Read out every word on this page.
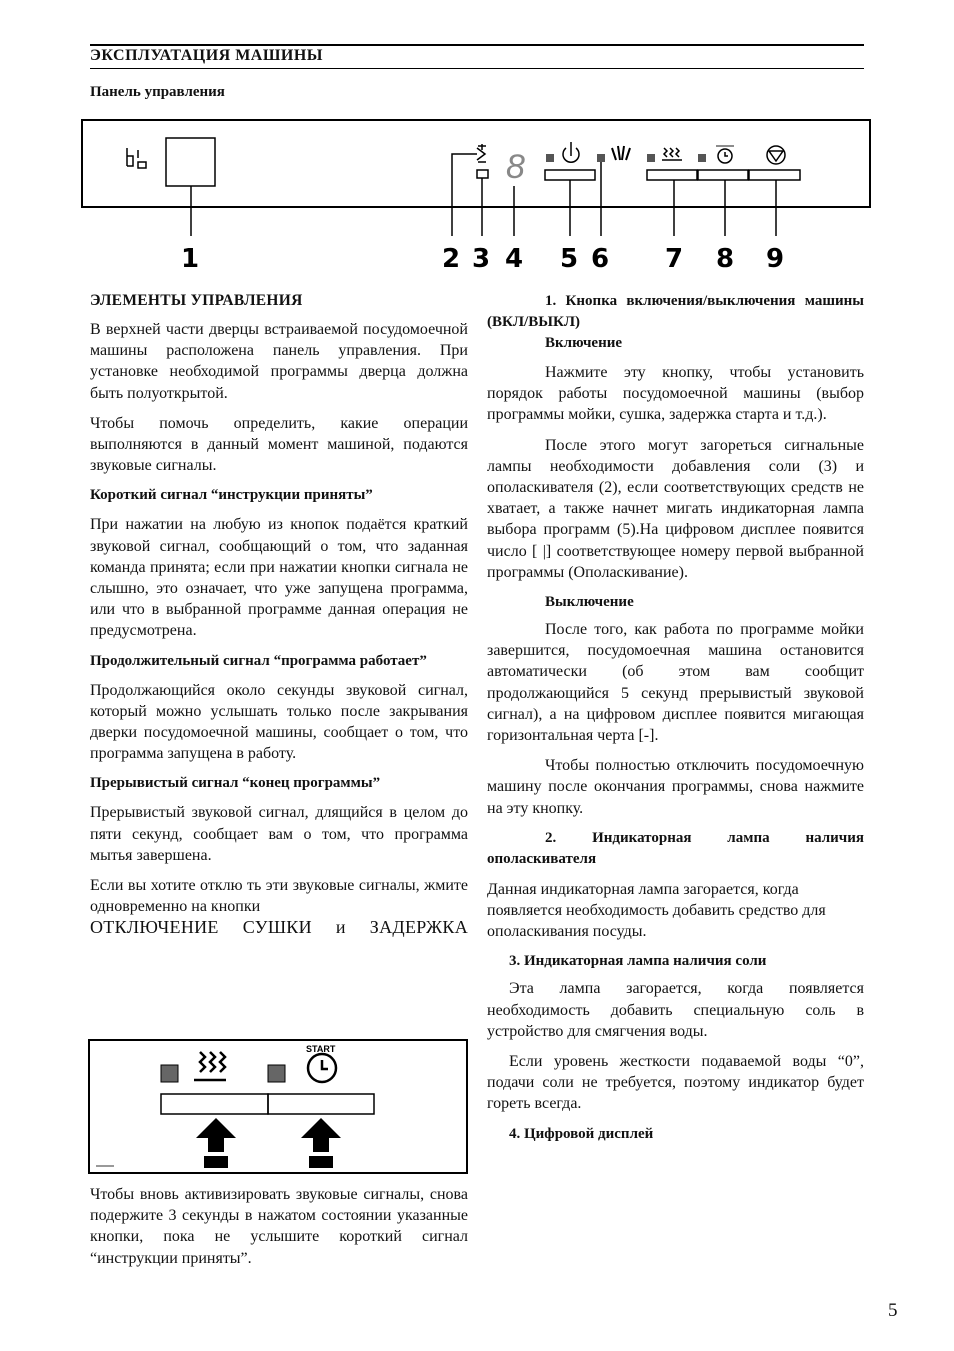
ЭКСПЛУАТАЦИЯ МАШИНЫ
Панель управления
8
1	2 3 4 5 6 7 8 9
ЭЛЕМЕНТЫ УПРАВЛЕНИЯ

В верхней части дверцы встраиваемой посудомоечной машины расположена панель управления. При установке необходимой программы дверца должна быть полуоткрытой.

Чтобы помочь определить, какие операции выполняются в данный момент машиной, подаются звуковые сигналы.

Короткий сигнал “инструкции приняты”

При нажатии на любую из кнопок подаётся краткий звуковой сигнал, сообщающий о том, что заданная команда принята; если при нажатии кнопки сигнала не слышно, это означает, что уже запущена программа, или что в выбранной программе данная операция не предусмотрена.

Продолжительный сигнал “программа работает”

Продолжающийся около секунды звуковой сигнал, который можно услышать только после закрывания дверки посудомоечной машины, сообщает о том, что программа запущена в работу.

Прерывистый сигнал “конец программы”

Прерывистый звуковой сигнал, длящийся в целом до пяти секунд, сообщает вам о том, что программа мытья завершена.

Если вы хотите отклю ть эти звуковые сигналы, жмите одновременно на кнопки

ОТКЛЮЧЕНИЕ СУШКИ и ЗАДЕРЖКА
START

Чтобы вновь активизировать звуковые сигналы, снова подержите 3 секунды в нажатом состоянии указанные кнопки, пока не услышите короткий сигнал “инструкции приняты”.

1. Кнопка включения/выключения машины (ВКЛ/ВЫКЛ)
Включение

Нажмите эту кнопку, чтобы установить порядок работы посудомоечной машины (выбор программы мойки, сушка, задержка старта и т.д.).

После этого могут загореться сигнальные лампы необходимости добавления соли (3) и ополаскивателя (2), если соответствующих средств не хватает, а также начнет мигать индикаторная лампа выбора программ (5).На цифровом дисплее появится число [ |] соответствующее номеру первой выбранной программы (Ополаскивание).

Выключение

После того, как работа по программе мойки завершится, посудомоечная машина остановится автоматически (об этом вам сообщит продолжающийся 5 секунд прерывистый звуковой сигнал), а на цифровом дисплее появится мигающая горизонтальная черта [-].

Чтобы полностью отключить посудомоечную машину после окончания программы, снова нажмите на эту кнопку.

2. Индикаторная лампа наличия ополаскивателя

Данная индикаторная лампа загорается, когда появляется необходимость добавить средство для ополаскивания посуды.

3. Индикаторная лампа наличия соли

Эта лампа загорается, когда появляется необходимость добавить специальную соль в устройство для смягчения воды.

Если уровень жесткости подаваемой воды “0”, подачи соли не требуется, поэтому индикатор будет гореть всегда.

4. Цифровой дисплей
5
